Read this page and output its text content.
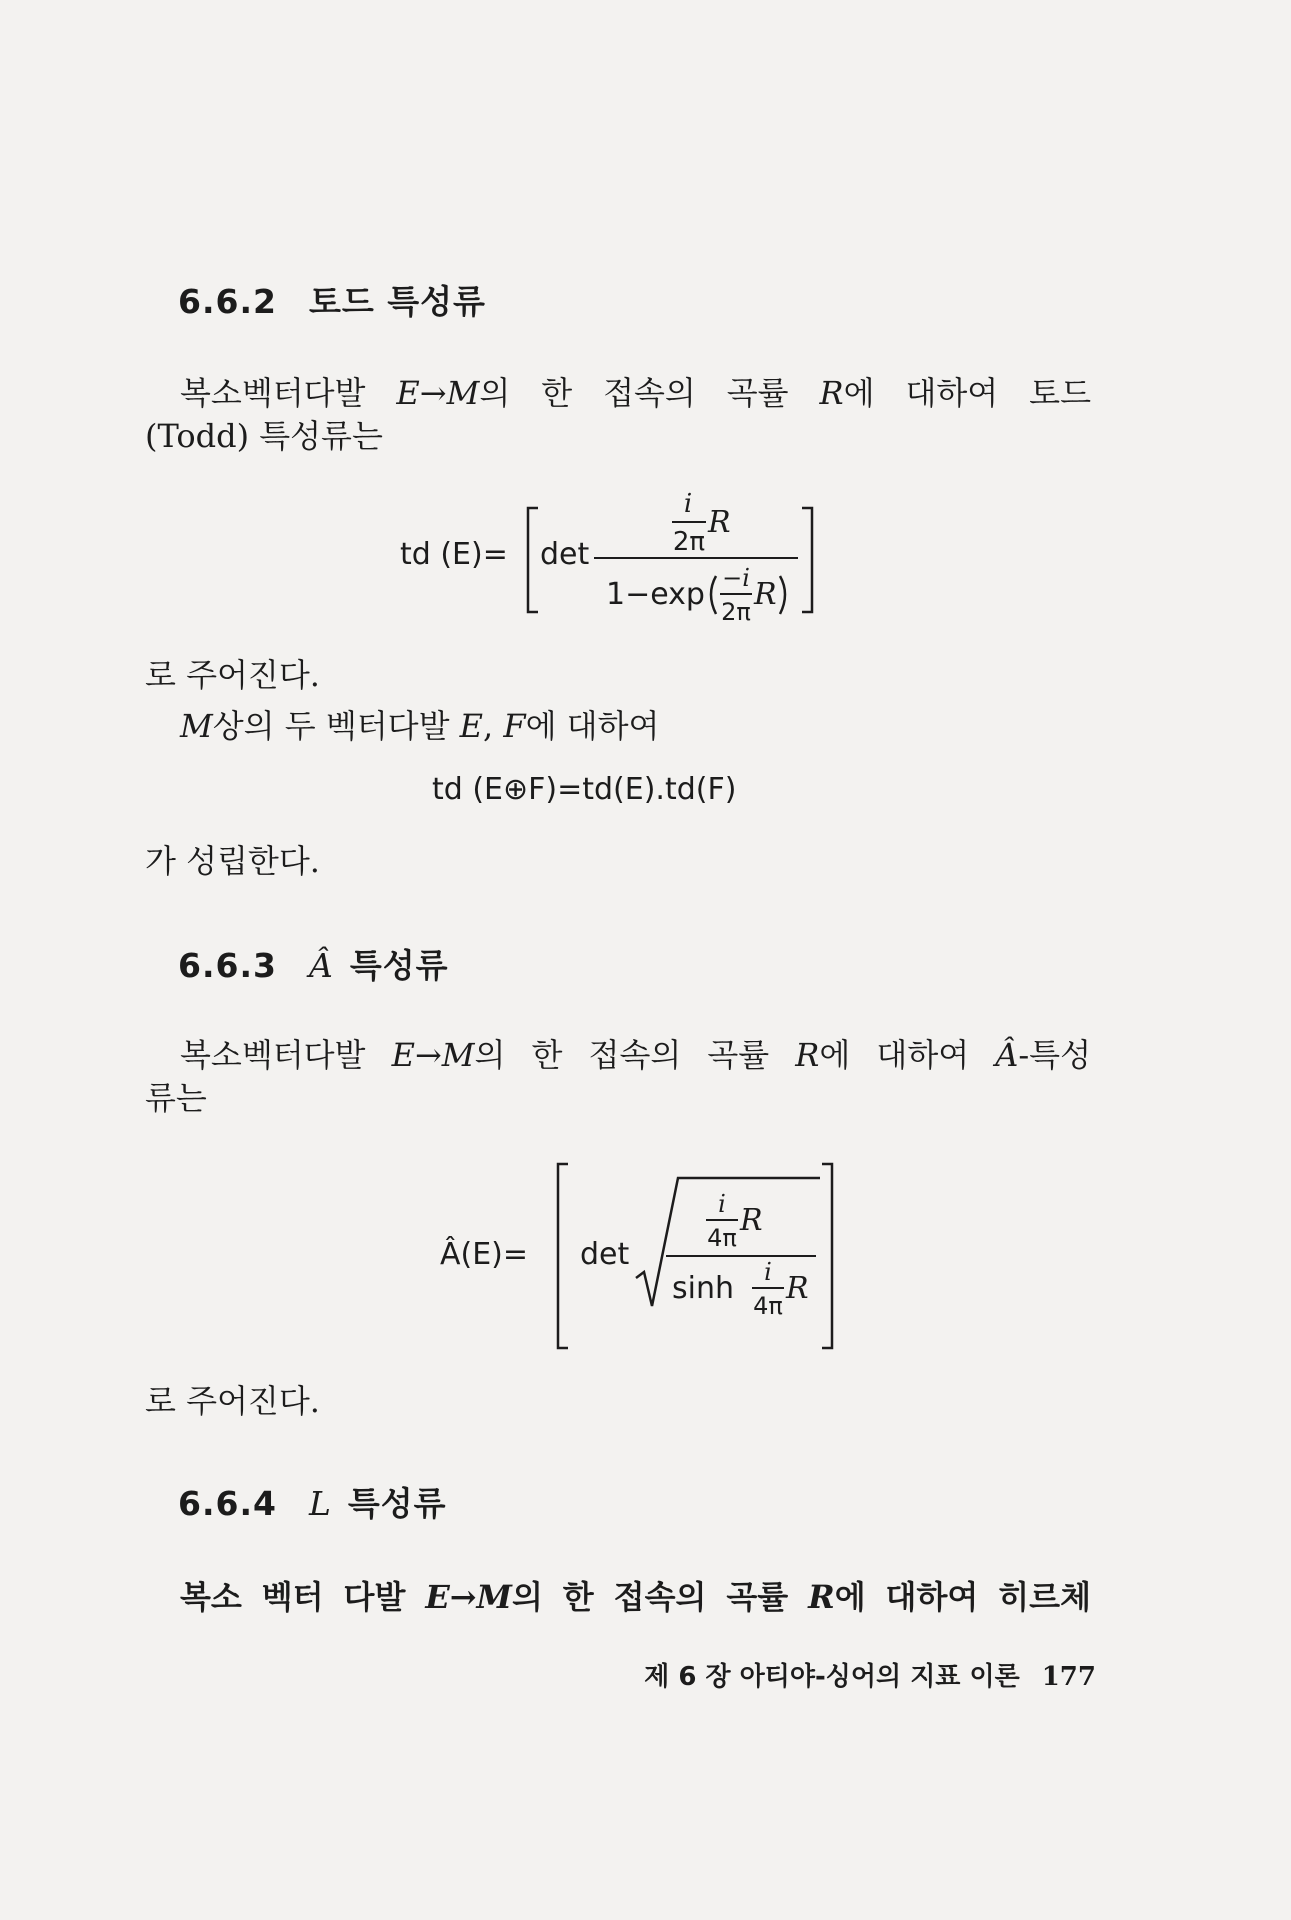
6.6.2 토드 특성류
복소벡터다발 E→M의 한 접속의 곡률 R에 대하여 토드
(Todd) 특성류는
td (E)= det
i
2π
R
1−exp −i
2π R
로 주어진다.
M상의 두 벡터다발 E, F에 대하여
td (E⊕F)=td(E).td(F)
가 성립한다.
6.6.3 Â 특성류
복소벡터다발 E→M의 한 접속의 곡률 R에 대하여 Â-특성
류는
Â(E)= det
i
4π R
sinh i
4π R
로 주어진다.
6.6.4 L 특성류
복소 벡터 다발 E→M의 한 접속의 곡률 R에 대하여 히르체
제 6 장 아티야-싱어의 지표 이론 177
